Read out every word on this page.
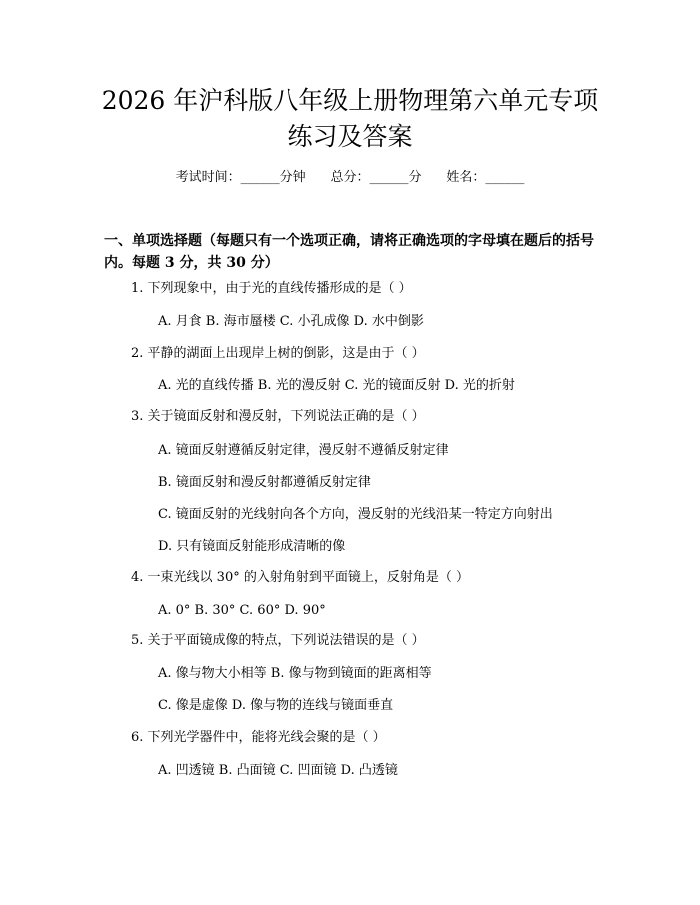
2026 年沪科版八年级上册物理第六单元专项
练习及答案
考试时间：______分钟 总分：______分 姓名：______
一、单项选择题（每题只有一个选项正确，请将正确选项的字母填在题后的括号
内。每题 3 分，共 30 分）
1. 下列现象中，由于光的直线传播形成的是（ ）
A. 月食 B. 海市蜃楼 C. 小孔成像 D. 水中倒影
2. 平静的湖面上出现岸上树的倒影，这是由于（ ）
A. 光的直线传播 B. 光的漫反射 C. 光的镜面反射 D. 光的折射
3. 关于镜面反射和漫反射，下列说法正确的是（ ）
A. 镜面反射遵循反射定律，漫反射不遵循反射定律
B. 镜面反射和漫反射都遵循反射定律
C. 镜面反射的光线射向各个方向，漫反射的光线沿某一特定方向射出
D. 只有镜面反射能形成清晰的像
4. 一束光线以 30° 的入射角射到平面镜上，反射角是（ ）
A. 0° B. 30° C. 60° D. 90°
5. 关于平面镜成像的特点，下列说法错误的是（ ）
A. 像与物大小相等 B. 像与物到镜面的距离相等
C. 像是虚像 D. 像与物的连线与镜面垂直
6. 下列光学器件中，能将光线会聚的是（ ）
A. 凹透镜 B. 凸面镜 C. 凹面镜 D. 凸透镜
